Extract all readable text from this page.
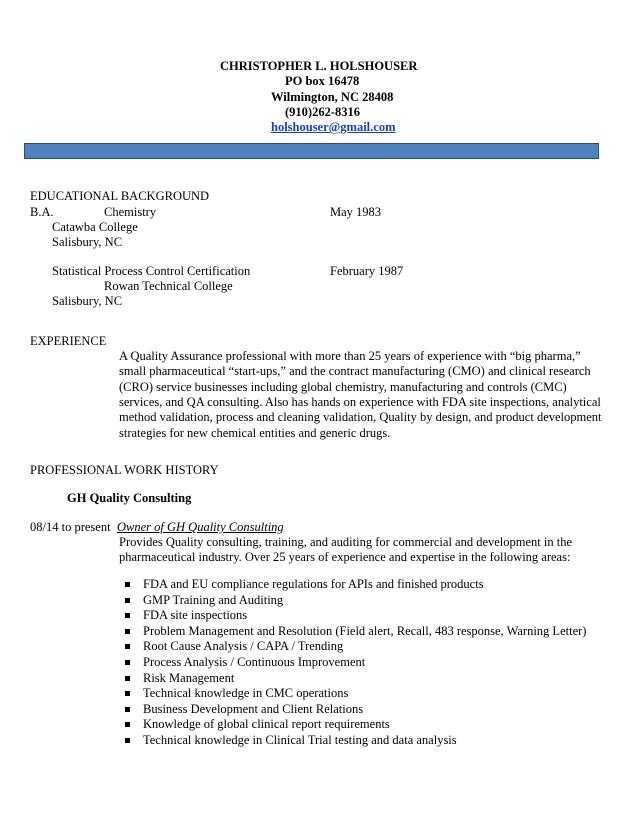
CHRISTOPHER L. HOLSHOUSER
PO box 16478
Wilmington, NC 28408
(910)262-8316
holshouser@gmail.com
EDUCATIONAL BACKGROUND
B.A.	Chemistry	May 1983
Catawba College
Salisbury, NC
Statistical Process Control Certification	February 1987
Rowan Technical College
Salisbury, NC
EXPERIENCE
A Quality Assurance professional with more than 25 years of experience with “big pharma,”
small pharmaceutical “start-ups,” and the contract manufacturing (CMO) and clinical research
(CRO) service businesses including global chemistry, manufacturing and controls (CMC)
services, and QA consulting. Also has hands on experience with FDA site inspections, analytical
method validation, process and cleaning validation, Quality by design, and product development
strategies for new chemical entities and generic drugs.
PROFESSIONAL WORK HISTORY
GH Quality Consulting
08/14 to present Owner of GH Quality Consulting
Provides Quality consulting, training, and auditing for commercial and development in the
pharmaceutical industry. Over 25 years of experience and expertise in the following areas:
FDA and EU compliance regulations for APIs and finished products
GMP Training and Auditing
FDA site inspections
Problem Management and Resolution (Field alert, Recall, 483 response, Warning Letter)
Root Cause Analysis / CAPA / Trending
Process Analysis / Continuous Improvement
Risk Management
Technical knowledge in CMC operations
Business Development and Client Relations
Knowledge of global clinical report requirements
Technical knowledge in Clinical Trial testing and data analysis
